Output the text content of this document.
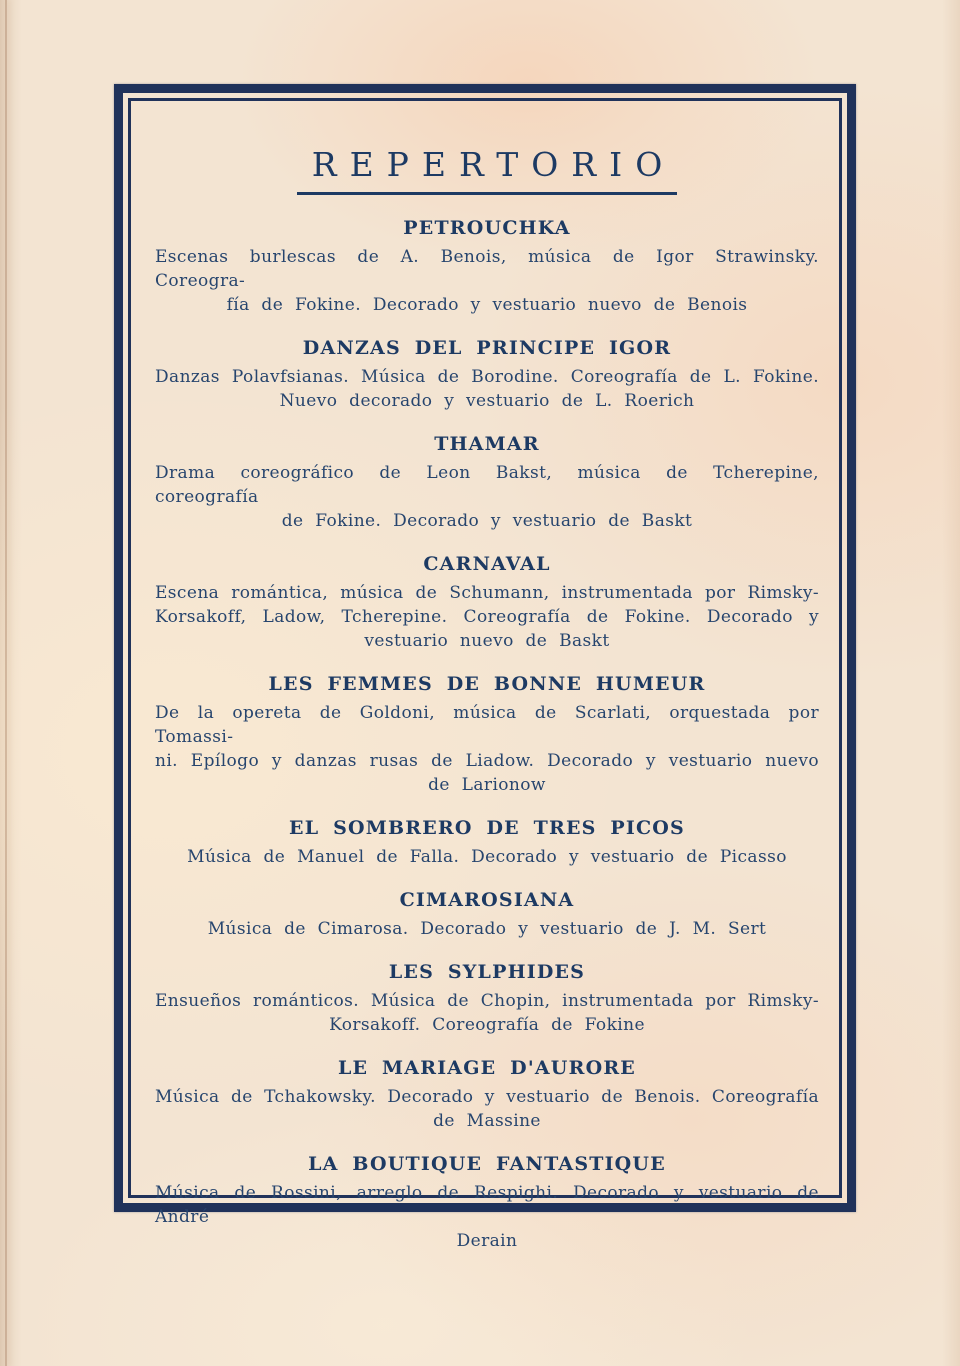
REPERTORIO
PETROUCHKA
Escenas burlescas de A. Benois, música de Igor Strawinsky. Coreogra-
fía de Fokine. Decorado y vestuario nuevo de Benois
DANZAS DEL PRINCIPE IGOR
Danzas Polavfsianas. Música de Borodine. Coreografía de L. Fokine.
Nuevo decorado y vestuario de L. Roerich
THAMAR
Drama coreográfico de Leon Bakst, música de Tcherepine, coreografía
de Fokine. Decorado y vestuario de Baskt
CARNAVAL
Escena romántica, música de Schumann, instrumentada por Rimsky-
Korsakoff, Ladow, Tcherepine. Coreografía de Fokine. Decorado y
vestuario nuevo de Baskt
LES FEMMES DE BONNE HUMEUR
De la opereta de Goldoni, música de Scarlati, orquestada por Tomassi-
ni. Epílogo y danzas rusas de Liadow. Decorado y vestuario nuevo
de Larionow
EL SOMBRERO DE TRES PICOS
Música de Manuel de Falla. Decorado y vestuario de Picasso
CIMAROSIANA
Música de Cimarosa. Decorado y vestuario de J. M. Sert
LES SYLPHIDES
Ensueños románticos. Música de Chopin, instrumentada por Rimsky-
Korsakoff. Coreografía de Fokine
LE MARIAGE D'AURORE
Música de Tchakowsky. Decorado y vestuario de Benois. Coreografía
de Massine
LA BOUTIQUE FANTASTIQUE
Música de Rossini, arreglo de Respighi. Decorado y vestuario de André
Derain
